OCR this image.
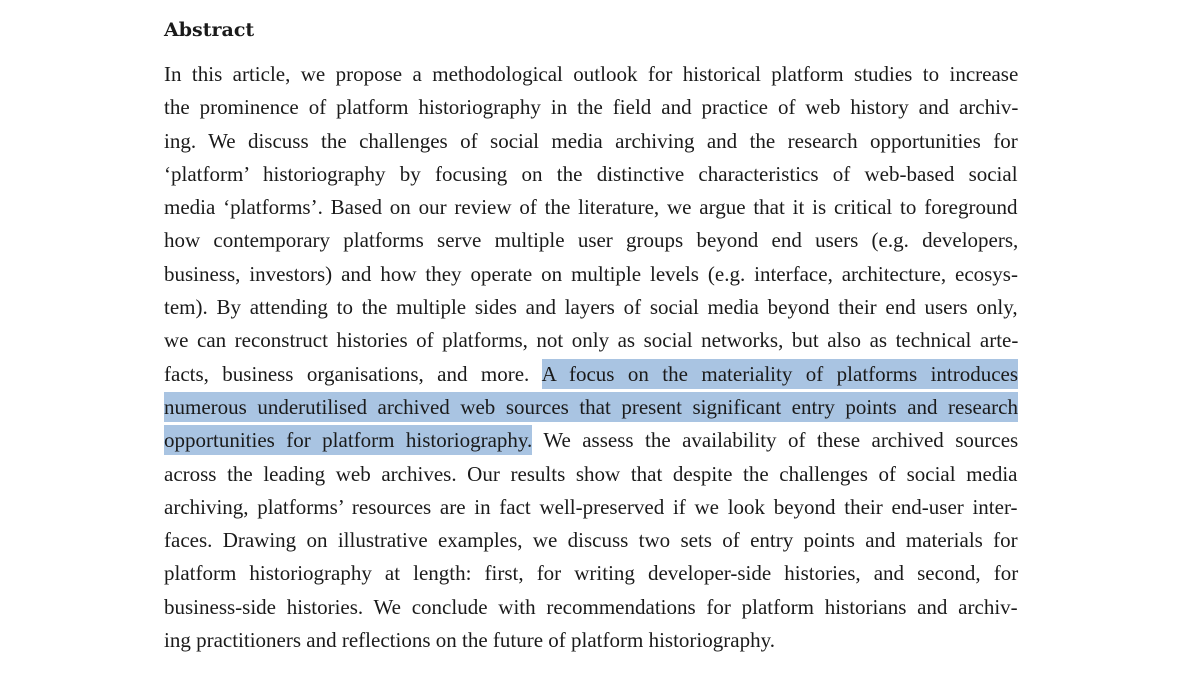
Abstract
In this article, we propose a methodological outlook for historical platform studies to increase
the prominence of platform historiography in the field and practice of web history and archiv-
ing. We discuss the challenges of social media archiving and the research opportunities for
‘platform’ historiography by focusing on the distinctive characteristics of web-based social
media ‘platforms’. Based on our review of the literature, we argue that it is critical to foreground
how contemporary platforms serve multiple user groups beyond end users (e.g. developers,
business, investors) and how they operate on multiple levels (e.g. interface, architecture, ecosys-
tem). By attending to the multiple sides and layers of social media beyond their end users only,
we can reconstruct histories of platforms, not only as social networks, but also as technical arte-
facts, business organisations, and more. A focus on the materiality of platforms introduces
numerous underutilised archived web sources that present significant entry points and research
opportunities for platform historiography. We assess the availability of these archived sources
across the leading web archives. Our results show that despite the challenges of social media
archiving, platforms’ resources are in fact well-preserved if we look beyond their end-user inter-
faces. Drawing on illustrative examples, we discuss two sets of entry points and materials for
platform historiography at length: first, for writing developer-side histories, and second, for
business-side histories. We conclude with recommendations for platform historians and archiv-
ing practitioners and reflections on the future of platform historiography.
